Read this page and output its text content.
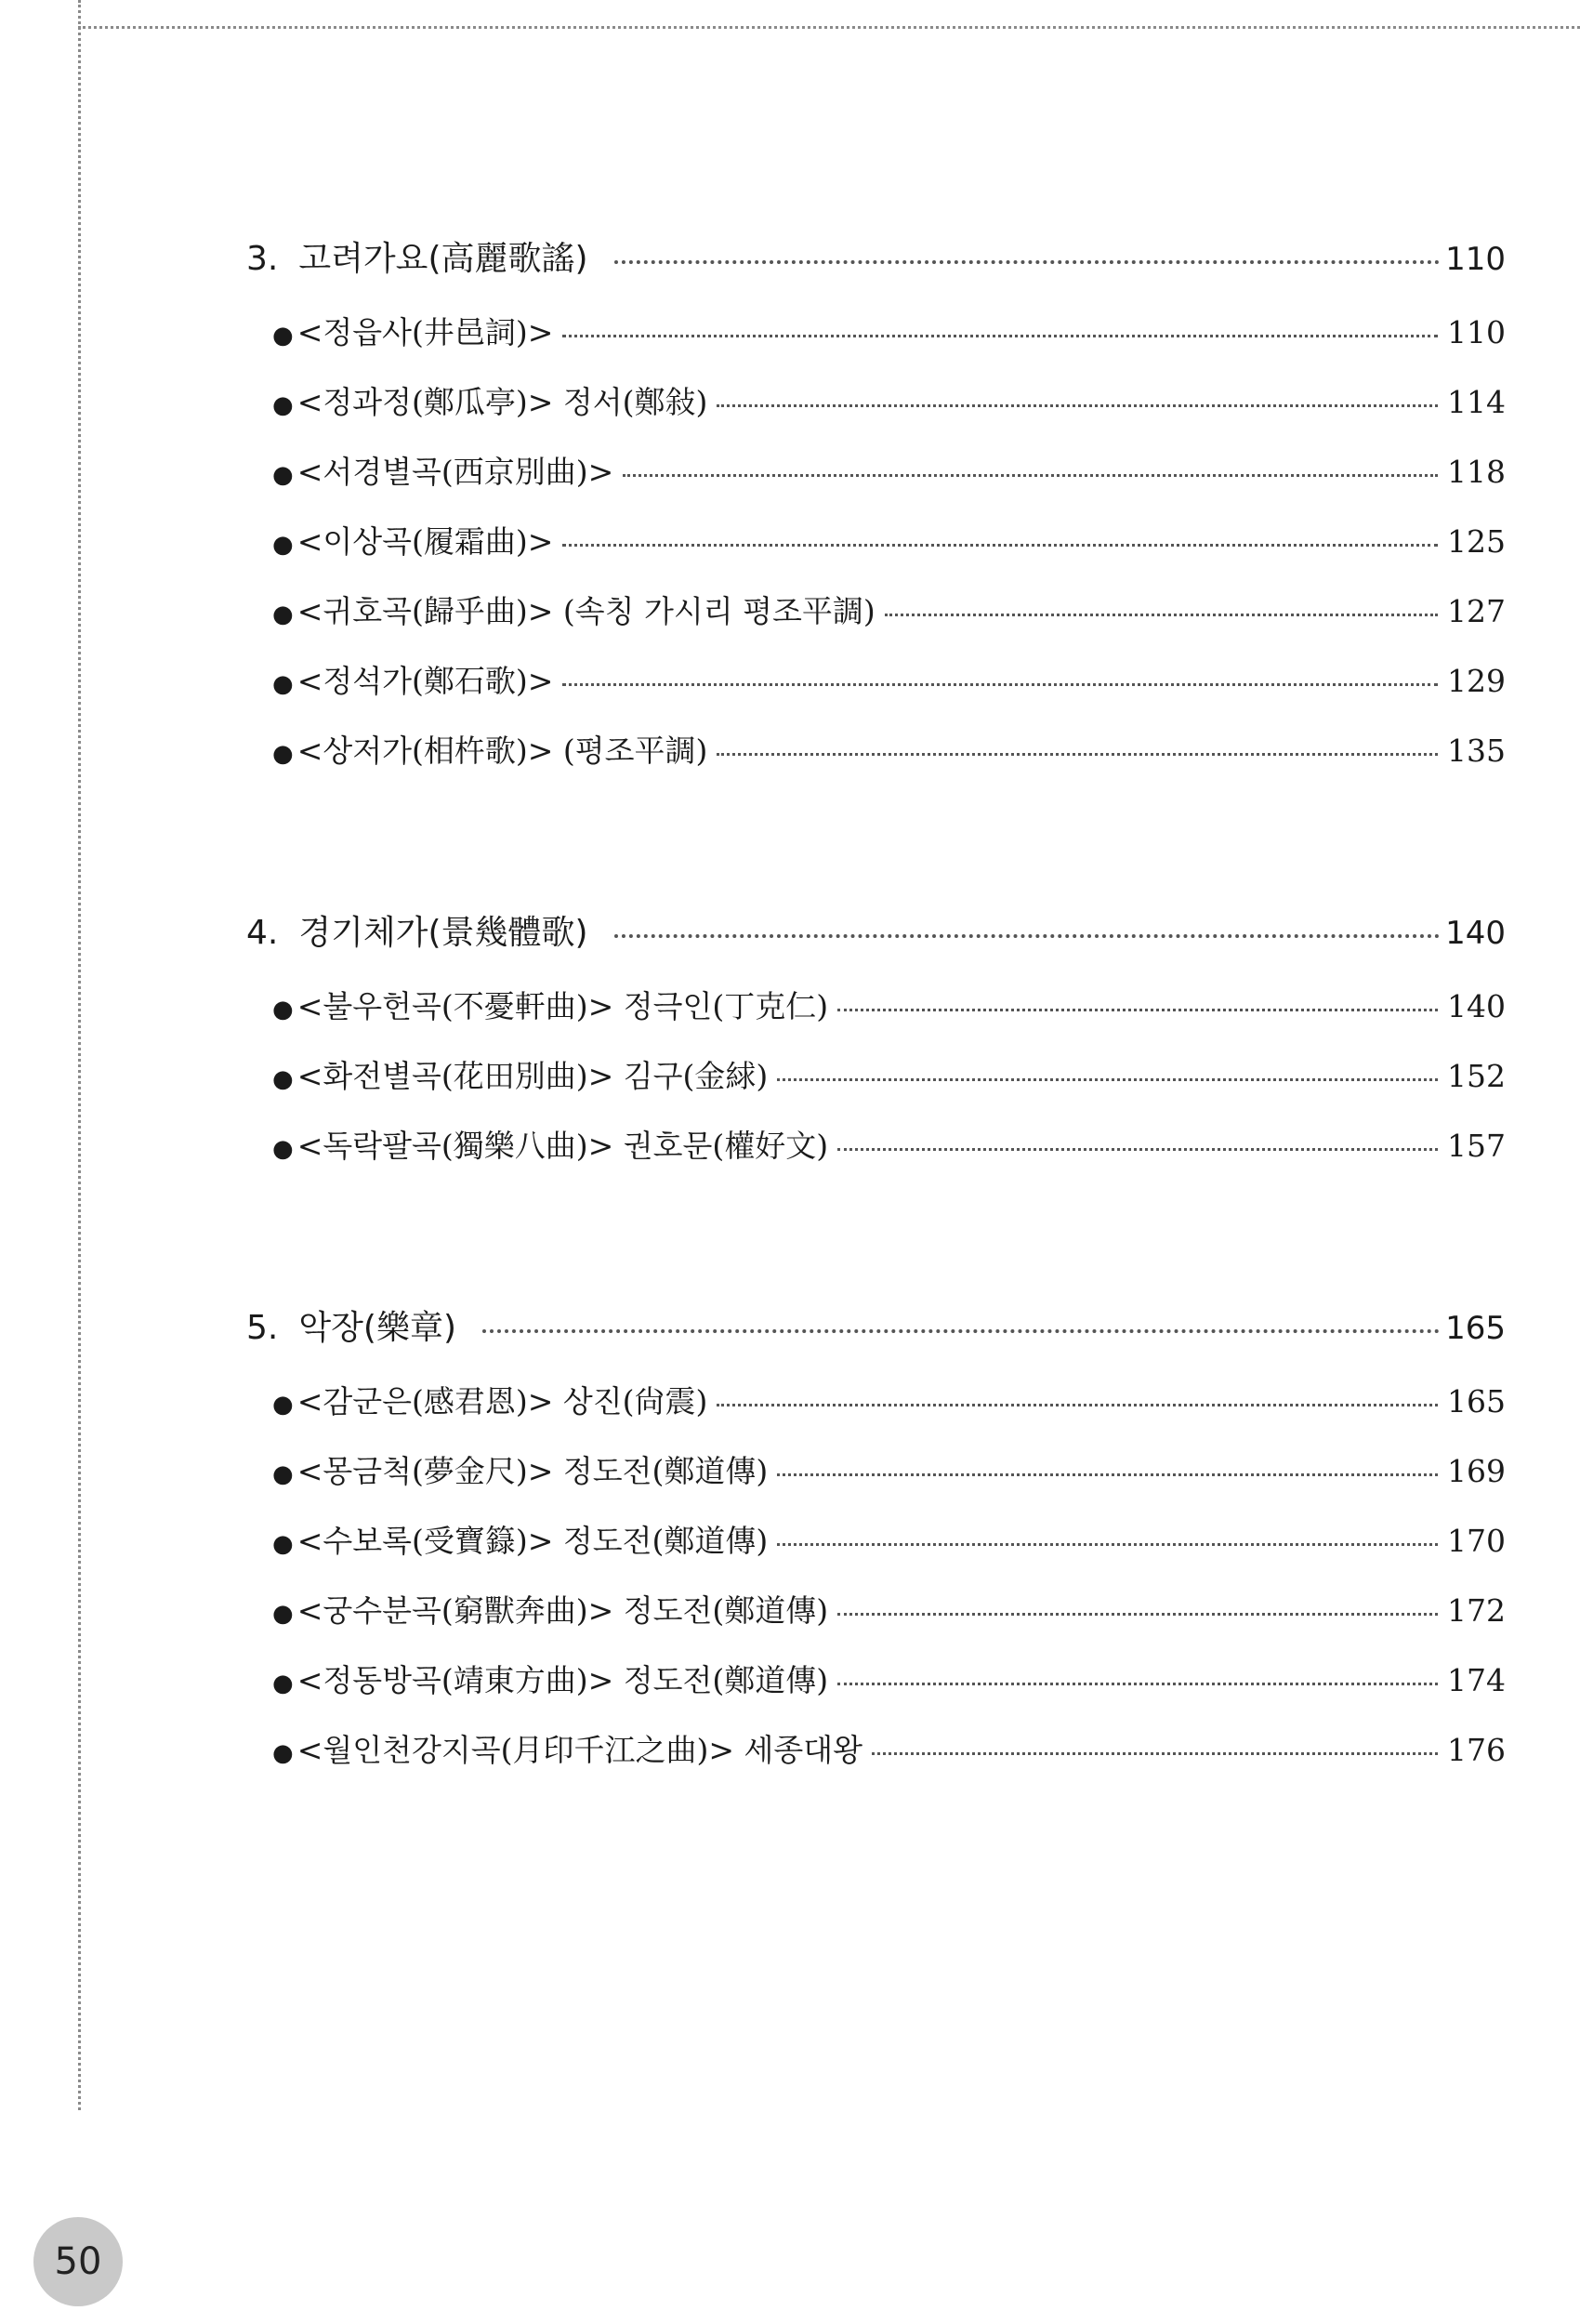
3. 고려가요(高麗歌謠)	110
● <정읍사(井邑詞)>	110
● <정과정(鄭瓜亭)> 정서(鄭敍)	114
● <서경별곡(西京別曲)>	118
● <이상곡(履霜曲)>	125
● <귀호곡(歸乎曲)> (속칭 가시리 평조平調)	127
● <정석가(鄭石歌)>	129
● <상저가(相杵歌)> (평조平調)	135
4. 경기체가(景幾體歌)	140
● <불우헌곡(不憂軒曲)> 정극인(丁克仁)	140
● <화전별곡(花田別曲)> 김구(金絿)	152
● <독락팔곡(獨樂八曲)> 권호문(權好文)	157
5. 악장(樂章)	165
● <감군은(感君恩)> 상진(尙震)	165
● <몽금척(夢金尺)> 정도전(鄭道傳)	169
● <수보록(受寶籙)> 정도전(鄭道傳)	170
● <궁수분곡(窮獸奔曲)> 정도전(鄭道傳)	172
● <정동방곡(靖東方曲)> 정도전(鄭道傳)	174
● <월인천강지곡(月印千江之曲)> 세종대왕	176
50
